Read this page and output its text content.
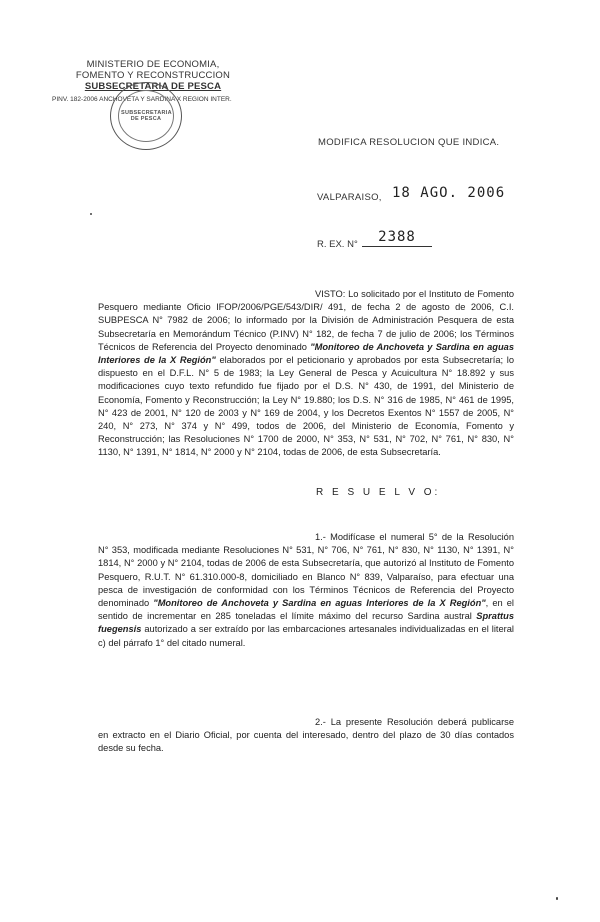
MINISTERIO DE ECONOMIA,
FOMENTO Y RECONSTRUCCION
SUBSECRETARIA DE PESCA
PINV. 182-2006 ANCHOVETA Y SARDINA X REGION INTER.
SUBSECRETARIA DE PESCA
MODIFICA RESOLUCION QUE INDICA.
VALPARAISO, 18 AGO. 2006
R. EX. N°	2388
VISTO: Lo solicitado por el Instituto de Fomento Pesquero mediante Oficio IFOP/2006/PGE/543/DIR/ 491, de fecha 2 de agosto de 2006, C.I. SUBPESCA N° 7982 de 2006; lo informado por la División de Administración Pesquera de esta Subsecretaría en Memorándum Técnico (P.INV) N° 182, de fecha 7 de julio de 2006; los Términos Técnicos de Referencia del Proyecto denominado "Monitoreo de Anchoveta y Sardina en aguas Interiores de la X Región" elaborados por el peticionario y aprobados por esta Subsecretaría; lo dispuesto en el D.F.L. N° 5 de 1983; la Ley General de Pesca y Acuicultura N° 18.892 y sus modificaciones cuyo texto refundido fue fijado por el D.S. N° 430, de 1991, del Ministerio de Economía, Fomento y Reconstrucción; la Ley N° 19.880; los D.S. N° 316 de 1985, N° 461 de 1995, N° 423 de 2001, N° 120 de 2003 y N° 169 de 2004, y los Decretos Exentos N° 1557 de 2005, N° 240, N° 273, N° 374 y N° 499, todos de 2006, del Ministerio de Economía, Fomento y Reconstrucción; las Resoluciones N° 1700 de 2000, N° 353, N° 531, N° 702, N° 761, N° 830, N° 1130, N° 1391, N° 1814, N° 2000 y N° 2104, todas de 2006, de esta Subsecretaría.
R E S U E L V O:
1.- Modifícase el numeral 5° de la Resolución N° 353, modificada mediante Resoluciones N° 531, N° 706, N° 761, N° 830, N° 1130, N° 1391, N° 1814, N° 2000 y N° 2104, todas de 2006 de esta Subsecretaría, que autorizó al Instituto de Fomento Pesquero, R.U.T. N° 61.310.000-8, domiciliado en Blanco N° 839, Valparaíso, para efectuar una pesca de investigación de conformidad con los Términos Técnicos de Referencia del Proyecto denominado "Monitoreo de Anchoveta y Sardina en aguas Interiores de la X Región", en el sentido de incrementar en 285 toneladas el límite máximo del recurso Sardina austral Sprattus fuegensis autorizado a ser extraído por las embarcaciones artesanales individualizadas en el literal c) del párrafo 1° del citado numeral.
2.- La presente Resolución deberá publicarse en extracto en el Diario Oficial, por cuenta del interesado, dentro del plazo de 30 días contados desde su fecha.
